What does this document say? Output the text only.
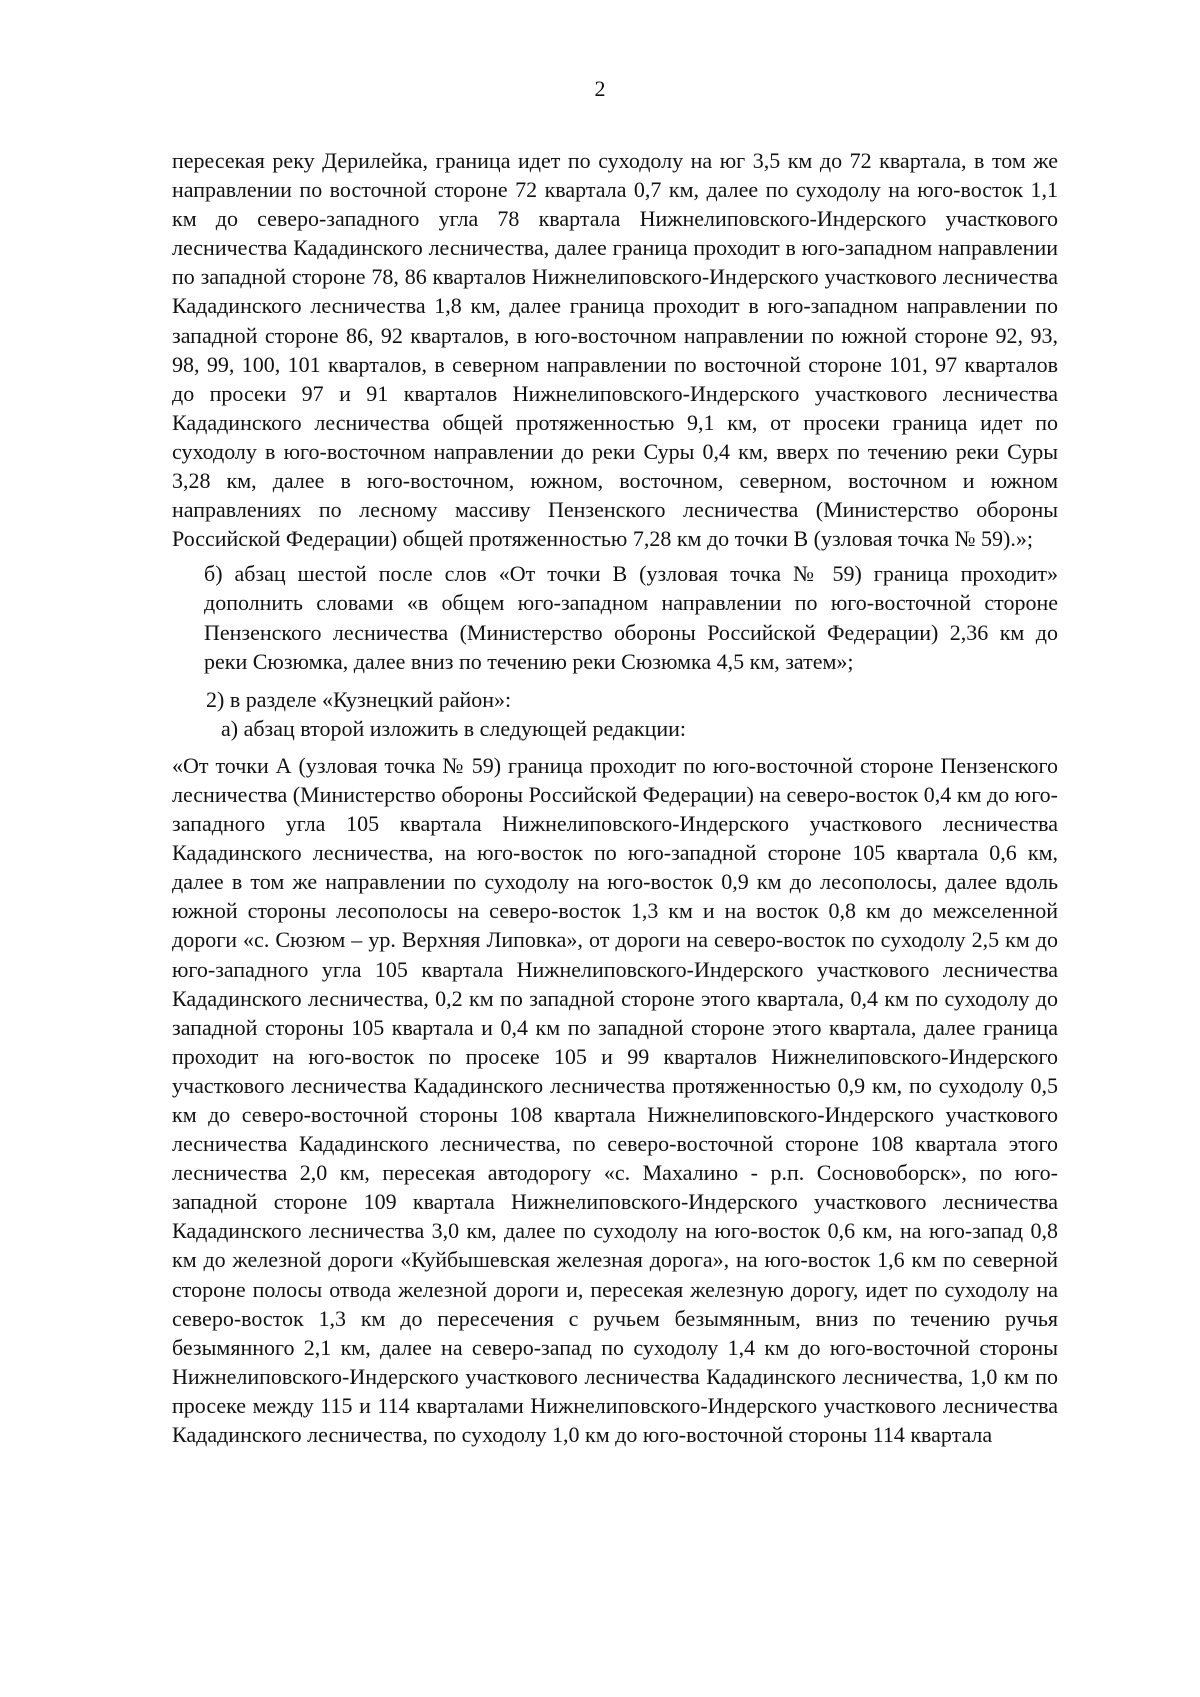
2

пересекая реку Дерилейка, граница идет по суходолу на юг 3,5 км до 72 квартала, в том же направлении по восточной стороне 72 квартала 0,7 км, далее по суходолу на юго-восток 1,1 км до северо-западного угла 78 квартала Нижнелиповского-Индерского участкового лесничества Кададинского лесничества, далее граница проходит в юго-западном направлении по западной стороне 78, 86 кварталов Нижнелиповского-Индерского участкового лесничества Кададинского лесничества 1,8 км, далее граница проходит в юго-западном направлении по западной стороне 86, 92 кварталов, в юго-восточном направлении по южной стороне 92, 93, 98, 99, 100, 101 кварталов, в северном направлении по восточной стороне 101, 97 кварталов до просеки 97 и 91 кварталов Нижнелиповского-Индерского участкового лесничества Кададинского лесничества общей протяженностью 9,1 км, от просеки граница идет по суходолу в юго-восточном направлении до реки Суры 0,4 км, вверх по течению реки Суры 3,28 км, далее в юго-восточном, южном, восточном, северном, восточном и южном направлениях по лесному массиву Пензенского лесничества (Министерство обороны Российской Федерации) общей протяженностью 7,28 км до точки В (узловая точка № 59).»;

б) абзац шестой после слов «От точки В (узловая точка № 59) граница проходит» дополнить словами «в общем юго-западном направлении по юго-восточной стороне Пензенского лесничества (Министерство обороны Российской Федерации) 2,36 км до реки Сюзюмка, далее вниз по течению реки Сюзюмка 4,5 км, затем»;

2) в разделе «Кузнецкий район»:

а) абзац второй изложить в следующей редакции:

«От точки А (узловая точка № 59) граница проходит по юго-восточной стороне Пензенского лесничества (Министерство обороны Российской Федерации) на северо-восток 0,4 км до юго-западного угла 105 квартала Нижнелиповского-Индерского участкового лесничества Кададинского лесничества, на юго-восток по юго-западной стороне 105 квартала 0,6 км, далее в том же направлении по суходолу на юго-восток 0,9 км до лесополосы, далее вдоль южной стороны лесополосы на северо-восток 1,3 км и на восток 0,8 км до межселенной дороги «с. Сюзюм – ур. Верхняя Липовка», от дороги на северо-восток по суходолу 2,5 км до юго-западного угла 105 квартала Нижнелиповского-Индерского участкового лесничества Кададинского лесничества, 0,2 км по западной стороне этого квартала, 0,4 км по суходолу до западной стороны 105 квартала и 0,4 км по западной стороне этого квартала, далее граница проходит на юго-восток по просеке 105 и 99 кварталов Нижнелиповского-Индерского участкового лесничества Кададинского лесничества протяженностью 0,9 км, по суходолу 0,5 км до северо-восточной стороны 108 квартала Нижнелиповского-Индерского участкового лесничества Кададинского лесничества, по северо-восточной стороне 108 квартала этого лесничества 2,0 км, пересекая автодорогу «с. Махалино - р.п. Сосновоборск», по юго-западной стороне 109 квартала Нижнелиповского-Индерского участкового лесничества Кададинского лесничества 3,0 км, далее по суходолу на юго-восток 0,6 км, на юго-запад 0,8 км до железной дороги «Куйбышевская железная дорога», на юго-восток 1,6 км по северной стороне полосы отвода железной дороги и, пересекая железную дорогу, идет по суходолу на северо-восток 1,3 км до пересечения с ручьем безымянным, вниз по течению ручья безымянного 2,1 км, далее на северо-запад по суходолу 1,4 км до юго-восточной стороны Нижнелиповского-Индерского участкового лесничества Кададинского лесничества, 1,0 км по просеке между 115 и 114 кварталами Нижнелиповского-Индерского участкового лесничества Кададинского лесничества, по суходолу 1,0 км до юго-восточной стороны 114 квартала
